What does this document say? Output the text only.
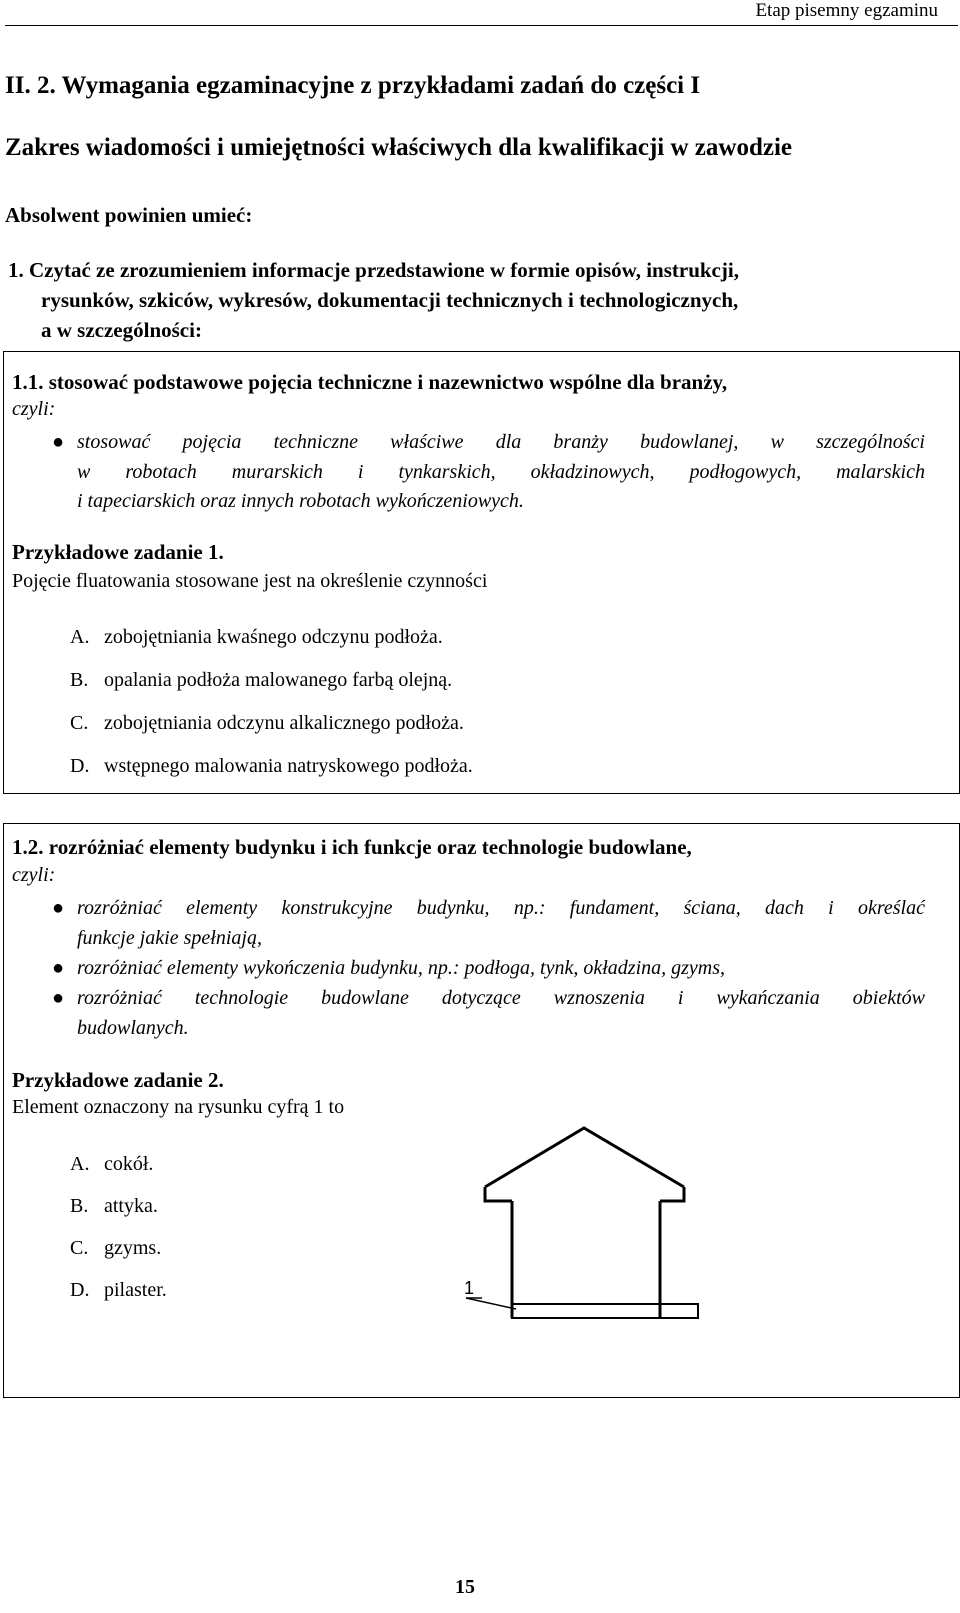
Etap pisemny egzaminu
II. 2. Wymagania egzaminacyjne z przykładami zadań do części I
Zakres wiadomości i umiejętności właściwych dla kwalifikacji w zawodzie
Absolwent powinien umieć:
1. Czytać ze zrozumieniem informacje przedstawione w formie opisów, instrukcji,
rysunków, szkiców, wykresów, dokumentacji technicznych i technologicznych,
a w szczególności:
1.1. stosować podstawowe pojęcia techniczne i nazewnictwo wspólne dla branży,
czyli:
● stosować pojęcia techniczne właściwe dla branży budowlanej, w szczególności
w robotach murarskich i tynkarskich, okładzinowych, podłogowych, malarskich
i tapeciarskich oraz innych robotach wykończeniowych.
Przykładowe zadanie 1.
Pojęcie fluatowania stosowane jest na określenie czynności
A. zobojętniania kwaśnego odczynu podłoża.
B. opalania podłoża malowanego farbą olejną.
C. zobojętniania odczynu alkalicznego podłoża.
D. wstępnego malowania natryskowego podłoża.
1.2. rozróżniać elementy budynku i ich funkcje oraz technologie budowlane,
czyli:
● rozróżniać elementy konstrukcyjne budynku, np.: fundament, ściana, dach i określać
funkcje jakie spełniają,
● rozróżniać elementy wykończenia budynku, np.: podłoga, tynk, okładzina, gzyms,
● rozróżniać technologie budowlane dotyczące wznoszenia i wykańczania obiektów
budowlanych.
Przykładowe zadanie 2.
Element oznaczony na rysunku cyfrą 1 to
A. cokół.
B. attyka.
C. gzyms.
D. pilaster.	1
15
